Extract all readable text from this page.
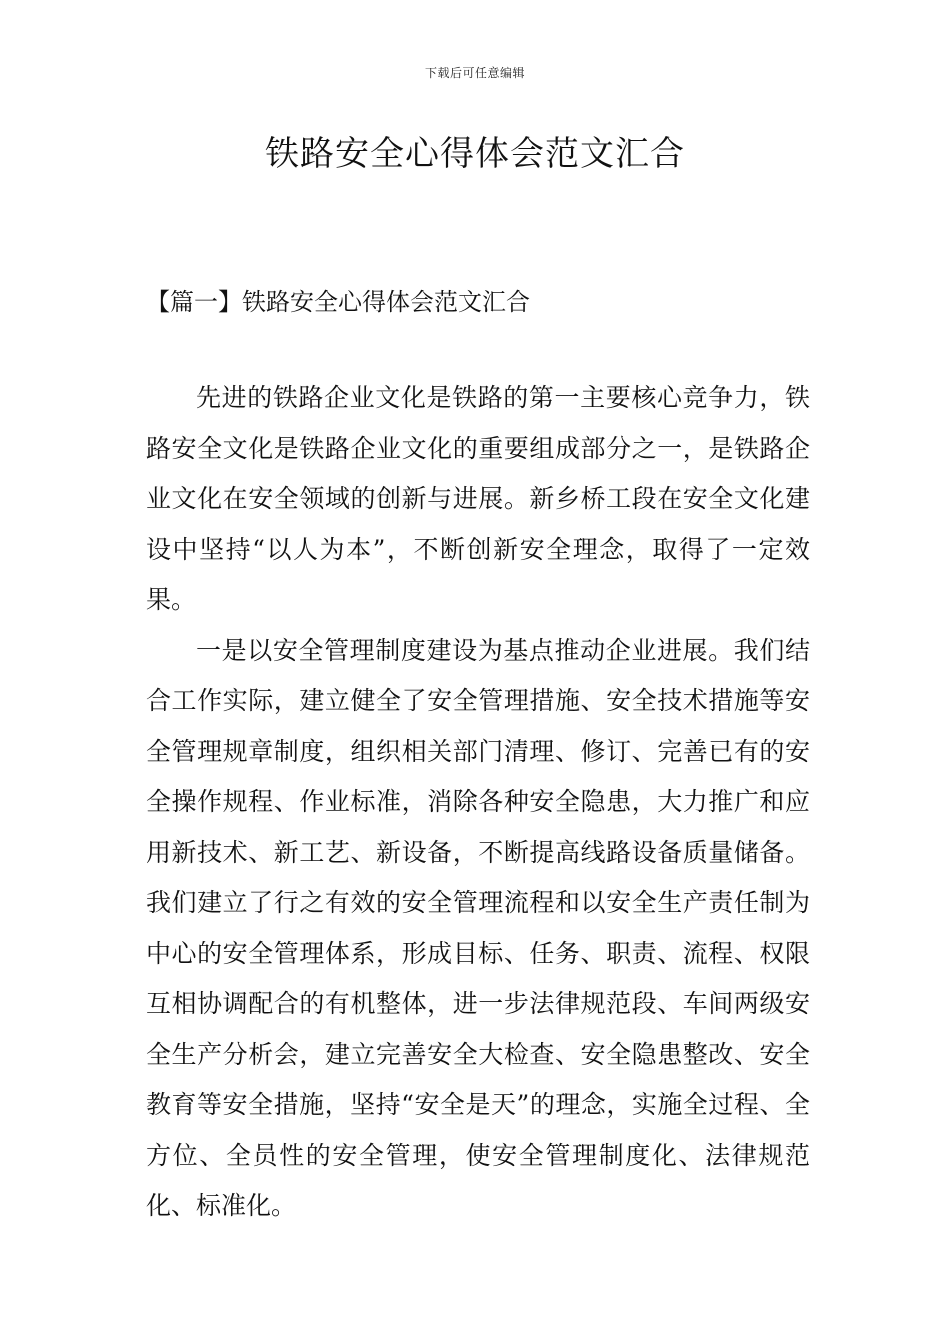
下载后可任意编辑
铁路安全心得体会范文汇合
【篇一】铁路安全心得体会范文汇合

先进的铁路企业文化是铁路的第一主要核心竞争力，铁路安全文化是铁路企业文化的重要组成部分之一，是铁路企业文化在安全领域的创新与进展。新乡桥工段在安全文化建设中坚持“以人为本”，不断创新安全理念，取得了一定效果。

一是以安全管理制度建设为基点推动企业进展。我们结合工作实际，建立健全了安全管理措施、安全技术措施等安全管理规章制度，组织相关部门清理、修订、完善已有的安全操作规程、作业标准，消除各种安全隐患，大力推广和应用新技术、新工艺、新设备，不断提高线路设备质量储备。我们建立了行之有效的安全管理流程和以安全生产责任制为中心的安全管理体系，形成目标、任务、职责、流程、权限互相协调配合的有机整体，进一步法律规范段、车间两级安全生产分析会，建立完善安全大检查、安全隐患整改、安全教育等安全措施，坚持“安全是天”的理念，实施全过程、全方位、全员性的安全管理，使安全管理制度化、法律规范化、标准化。
